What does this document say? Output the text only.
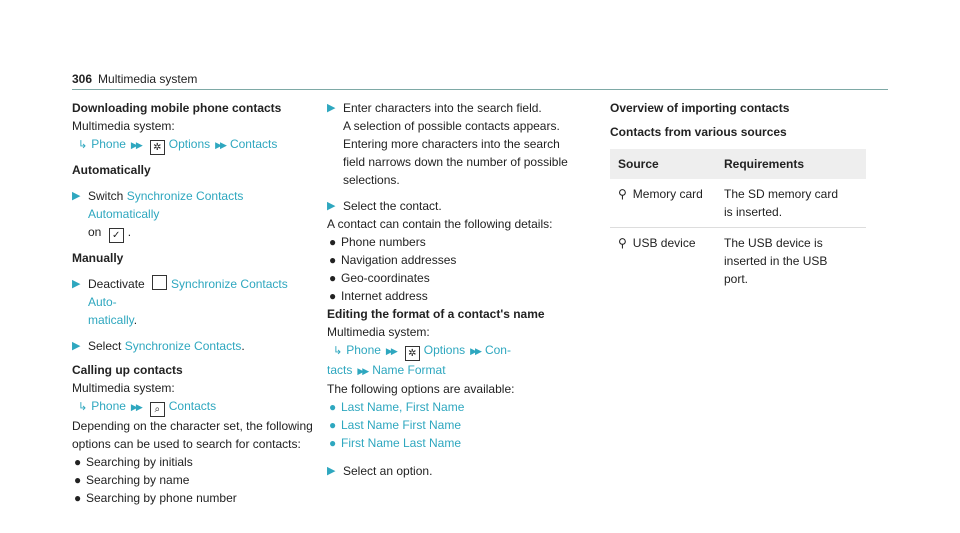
306 Multimedia system
Downloading mobile phone contacts
Multimedia system:
↳ Phone ▶▶ ✲ Options ▶▶ Contacts
Automatically
▶ Switch Synchronize Contacts Automatically
on ✓ .
Manually
▶ Deactivate Synchronize Contacts Auto-
matically.
▶ Select Synchronize Contacts.
Calling up contacts
Multimedia system:
↳ Phone ▶▶ ⌕ Contacts
Depending on the character set, the following
options can be used to search for contacts:
● Searching by initials
● Searching by name
● Searching by phone number
▶ Enter characters into the search field.
A selection of possible contacts appears.
Entering more characters into the search
field narrows down the number of possible
selections.
▶ Select the contact.
A contact can contain the following details:
● Phone numbers
● Navigation addresses
● Geo-coordinates
● Internet address
Editing the format of a contact's name
Multimedia system:
↳ Phone ▶▶ ✲ Options ▶▶ Con-
tacts ▶▶ Name Format
The following options are available:
● Last Name, First Name
● Last Name First Name
● First Name Last Name
▶ Select an option.
Overview of importing contacts
Contacts from various sources
Source	Requirements
⚲ Memory card	The SD memory card
is inserted.

⚲ USB device	The USB device is
inserted in the USB
port.
